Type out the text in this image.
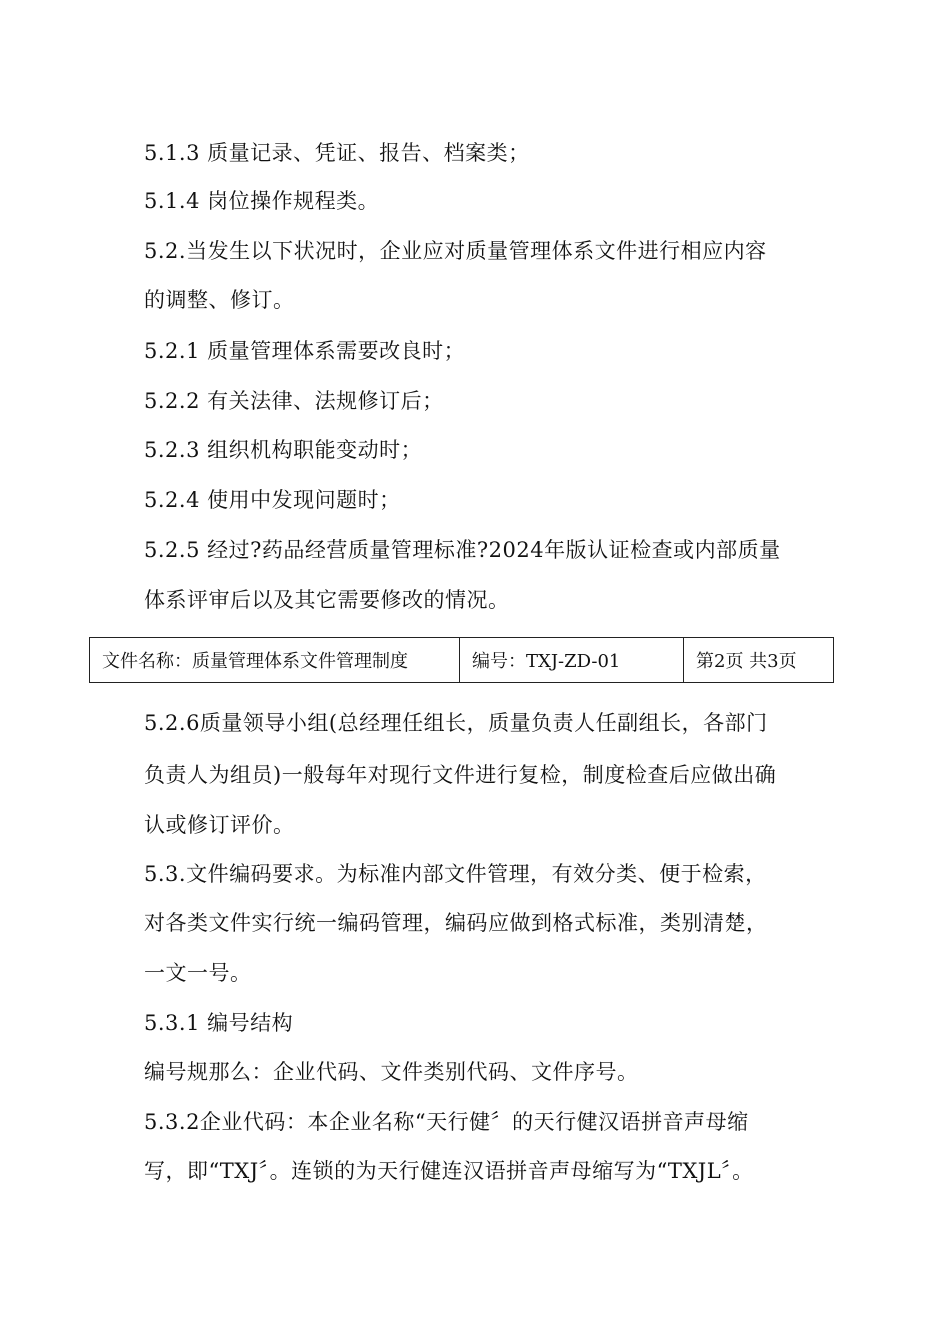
5.1.3 质量记录、凭证、报告、档案类；
5.1.4 岗位操作规程类。
5.2.当发生以下状况时，企业应对质量管理体系文件进行相应内容
的调整、修订。
5.2.1 质量管理体系需要改良时；
5.2.2 有关法律、法规修订后；
5.2.3 组织机构职能变动时；
5.2.4 使用中发现问题时；
5.2.5 经过?药品经营质量管理标准?2024年版认证检查或内部质量
体系评审后以及其它需要修改的情况。
文件名称：质量管理体系文件管理制度	编号：TXJ-ZD-01	第2页 共3页
5.2.6质量领导小组(总经理任组长，质量负责人任副组长，各部门
负责人为组员)一般每年对现行文件进行复检，制度检查后应做出确
认或修订评价。
5.3.文件编码要求。为标准内部文件管理，有效分类、便于检索，
对各类文件实行统一编码管理，编码应做到格式标准，类别清楚，
一文一号。
5.3.1 编号结构
编号规那么：企业代码、文件类别代码、文件序号。
5.3.2企业代码：本企业名称“天行健〞的天行健汉语拼音声母缩
写，即“TXJ〞。连锁的为天行健连汉语拼音声母缩写为“TXJL〞。
